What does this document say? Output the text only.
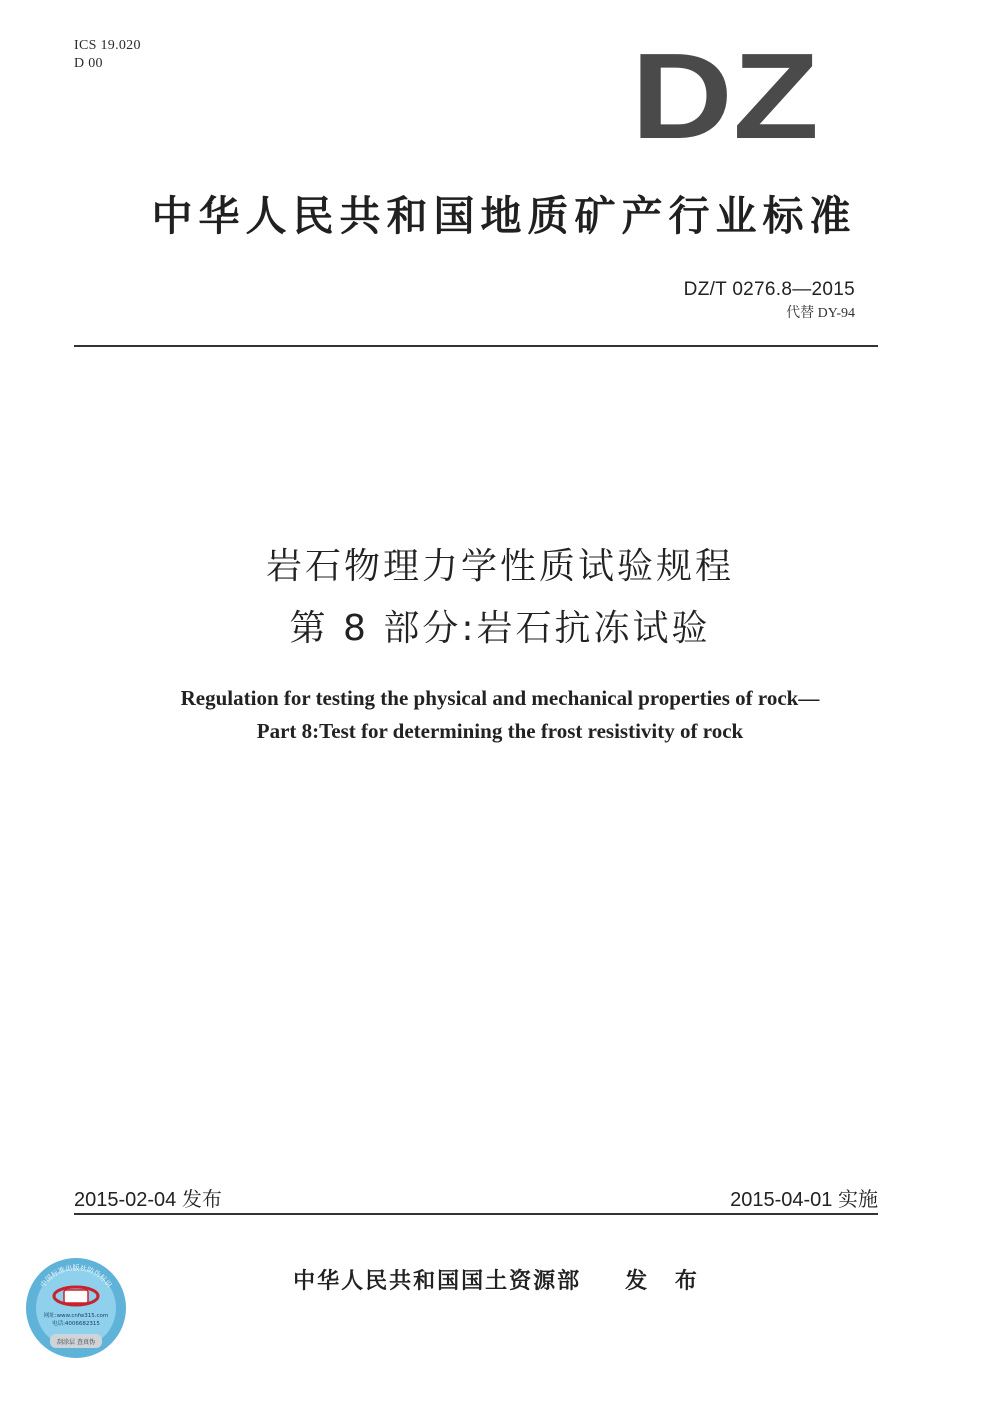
ICS 19.020
D 00	DZ
中华人民共和国地质矿产行业标准
DZ/T 0276.8—2015
代替 DY-94
岩石物理力学性质试验规程
第 8 部分:岩石抗冻试验
Regulation for testing the physical and mechanical properties of rock—
Part 8:Test for determining the frost resistivity of rock
2015-02-04 发布	2015-04-01 实施
中华人民共和国国土资源部 发 布
中国标准出版社防伪标识
网址:www.cnfw315.com
电话:4006682315
刮涂层 查真伪
